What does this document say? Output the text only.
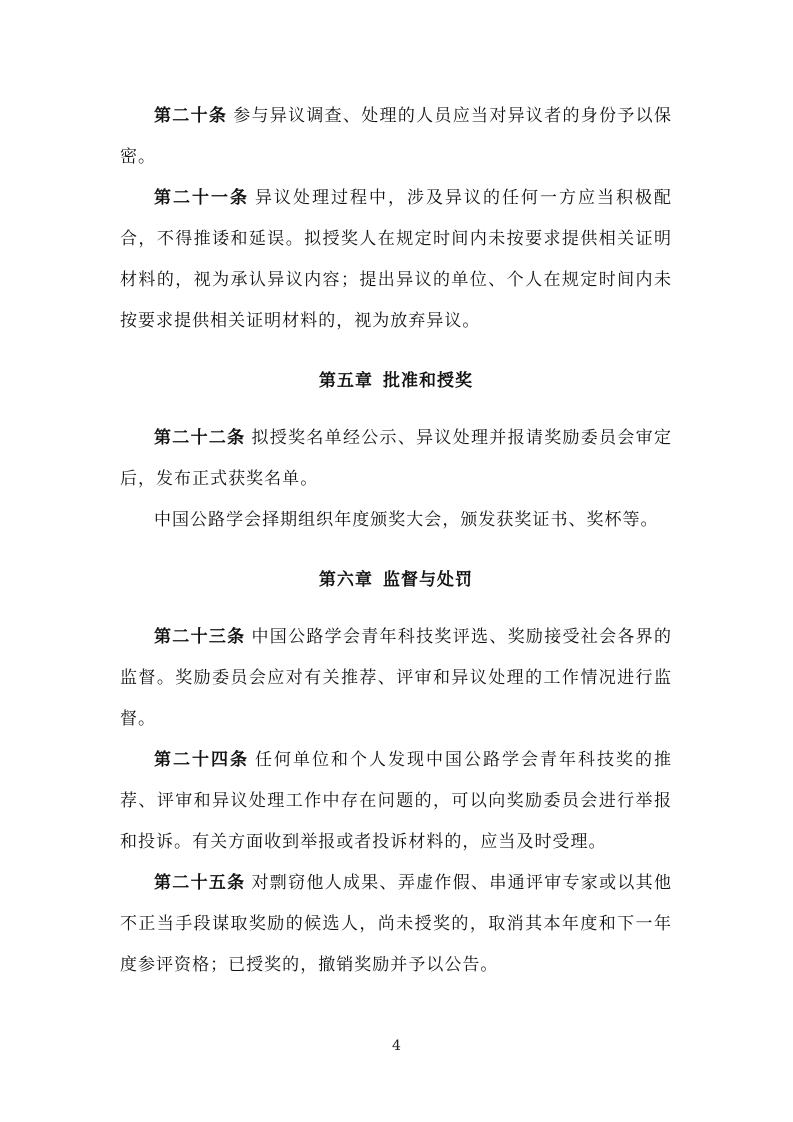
第二十条 参与异议调查、处理的人员应当对异议者的身份予以保密。

第二十一条 异议处理过程中，涉及异议的任何一方应当积极配合，不得推诿和延误。拟授奖人在规定时间内未按要求提供相关证明材料的，视为承认异议内容；提出异议的单位、个人在规定时间内未按要求提供相关证明材料的，视为放弃异议。

第五章 批准和授奖

第二十二条 拟授奖名单经公示、异议处理并报请奖励委员会审定后，发布正式获奖名单。

中国公路学会择期组织年度颁奖大会，颁发获奖证书、奖杯等。

第六章 监督与处罚

第二十三条 中国公路学会青年科技奖评选、奖励接受社会各界的监督。奖励委员会应对有关推荐、评审和异议处理的工作情况进行监督。

第二十四条 任何单位和个人发现中国公路学会青年科技奖的推荐、评审和异议处理工作中存在问题的，可以向奖励委员会进行举报和投诉。有关方面收到举报或者投诉材料的，应当及时受理。

第二十五条 对剽窃他人成果、弄虚作假、串通评审专家或以其他不正当手段谋取奖励的候选人，尚未授奖的，取消其本年度和下一年度参评资格；已授奖的，撤销奖励并予以公告。

4
